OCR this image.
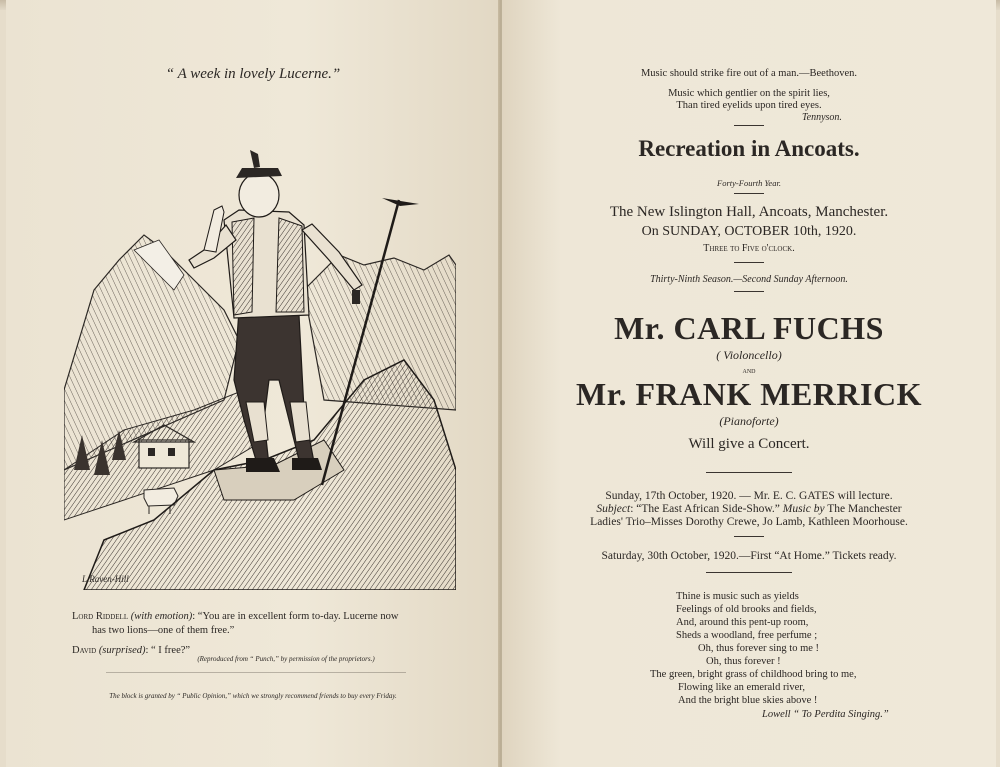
“ A week in lovely Lucerne.”
L.Raven-Hill
Lord Riddell (with emotion): “You are in excellent form to-day. Lucerne now
has two lions—one of them free.”
David (surprised): “ I free?”
(Reproduced from “ Punch,” by permission of the proprietors.)
The block is granted by “ Public Opinion,” which we strongly recommend friends to buy every Friday.
Music should strike fire out of a man.—Beethoven.
Music which gentlier on the spirit lies,
Than tired eyelids upon tired eyes.
Tennyson.
Recreation in Ancoats.
Forty-Fourth Year.
The New Islington Hall, Ancoats, Manchester.
On SUNDAY, OCTOBER 10th, 1920.
Three to Five o'clock.
Thirty-Ninth Season.—Second Sunday Afternoon.
Mr. CARL FUCHS
( Violoncello)
and
Mr. FRANK MERRICK
(Pianoforte)
Will give a Concert.
Sunday, 17th October, 1920. — Mr. E. C. GATES will lecture.
Subject: “The East African Side-Show.” Music by The Manchester
Ladies' Trio–Misses Dorothy Crewe, Jo Lamb, Kathleen Moorhouse.
Saturday, 30th October, 1920.—First “At Home.” Tickets ready.
Thine is music such as yields
Feelings of old brooks and fields,
And, around this pent-up room,
Sheds a woodland, free perfume ;
Oh, thus forever sing to me !
Oh, thus forever !
The green, bright grass of childhood bring to me,
Flowing like an emerald river,
And the bright blue skies above !
Lowell “ To Perdita Singing.”
